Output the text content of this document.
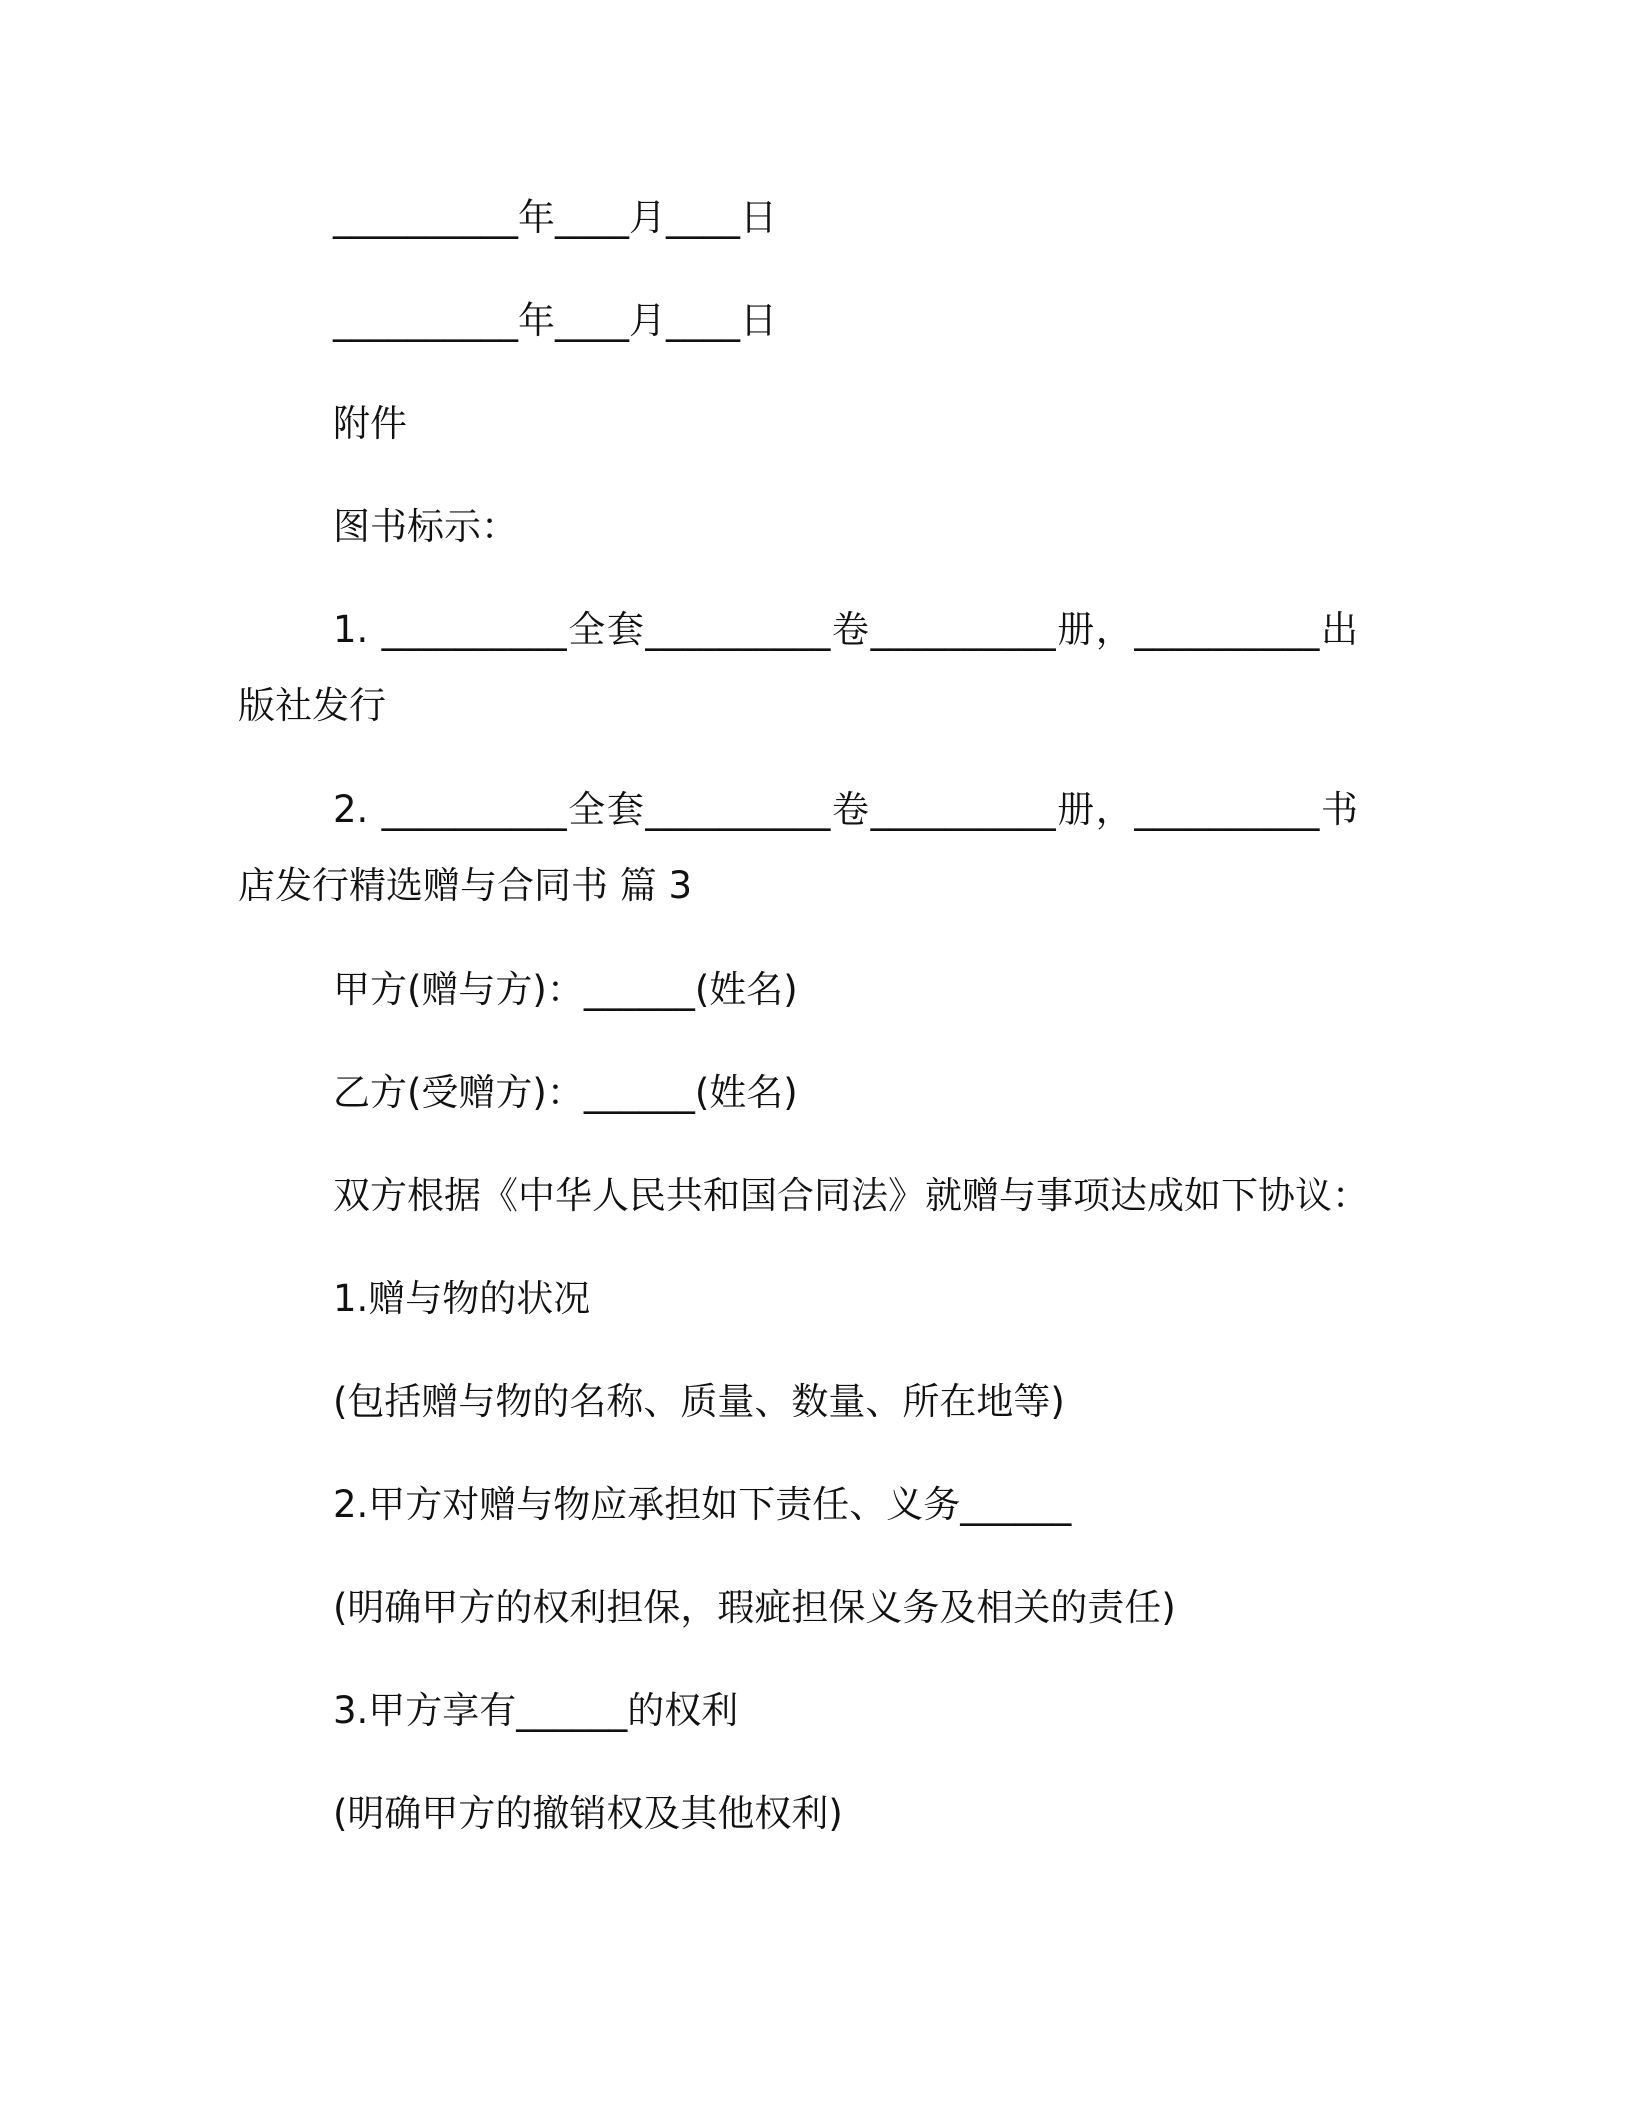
__________年____月____日
__________年____月____日
附件
图书标示：
1. __________全套__________卷__________册，__________出
版社发行
2. __________全套__________卷__________册，__________书
店发行精选赠与合同书 篇 3
甲方(赠与方)：______(姓名)
乙方(受赠方)：______(姓名)
双方根据《中华人民共和国合同法》就赠与事项达成如下协议：
1.赠与物的状况
(包括赠与物的名称、质量、数量、所在地等)
2.甲方对赠与物应承担如下责任、义务______
(明确甲方的权利担保，瑕疵担保义务及相关的责任)
3.甲方享有______的权利
(明确甲方的撤销权及其他权利)
